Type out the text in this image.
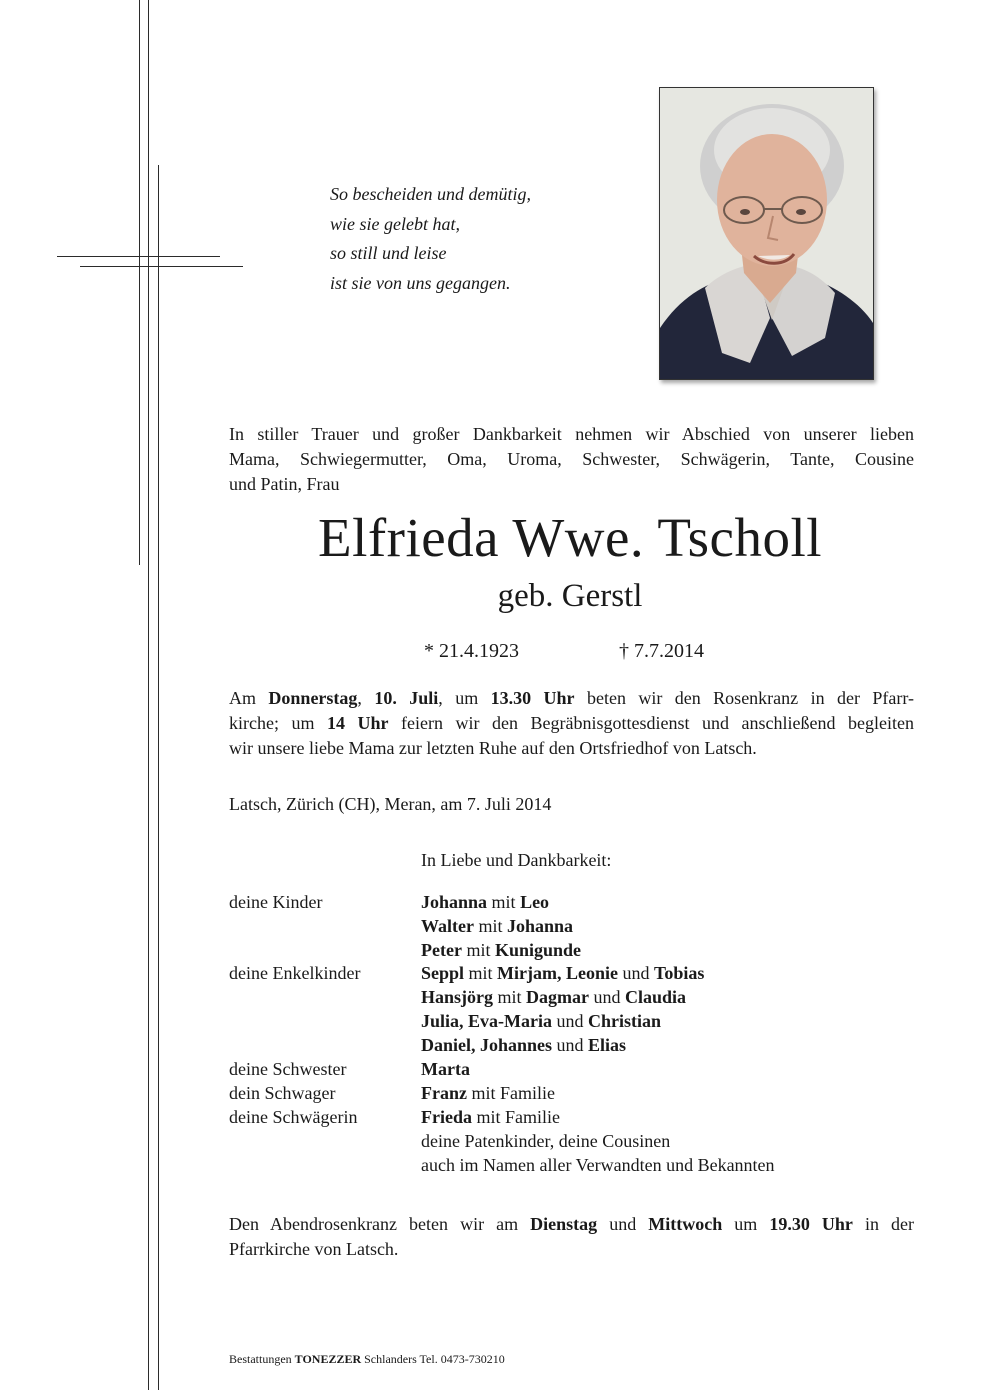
So bescheiden und demütig,
wie sie gelebt hat,
so still und leise
ist sie von uns gegangen.
In stiller Trauer und großer Dankbarkeit nehmen wir Abschied von unserer lieben
Mama, Schwiegermutter, Oma, Uroma, Schwester, Schwägerin, Tante, Cousine
und Patin, Frau
Elfrieda Wwe. Tscholl
geb. Gerstl
* 21.4.1923	† 7.7.2014
Am Donnerstag, 10. Juli, um 13.30 Uhr beten wir den Rosenkranz in der Pfarr-
kirche; um 14 Uhr feiern wir den Begräbnisgottesdienst und anschließend begleiten
wir unsere liebe Mama zur letzten Ruhe auf den Ortsfriedhof von Latsch.
Latsch, Zürich (CH), Meran, am 7. Juli 2014
In Liebe und Dankbarkeit:
deine Kinder	Johanna mit Leo
Walter mit Johanna
Peter mit Kunigunde
deine Enkelkinder	Seppl mit Mirjam, Leonie und Tobias
Hansjörg mit Dagmar und Claudia
Julia, Eva-Maria und Christian
Daniel, Johannes und Elias
deine Schwester	Marta
dein Schwager	Franz mit Familie
deine Schwägerin	Frieda mit Familie
deine Patenkinder, deine Cousinen
auch im Namen aller Verwandten und Bekannten
Den Abendrosenkranz beten wir am Dienstag und Mittwoch um 19.30 Uhr in der
Pfarrkirche von Latsch.
Bestattungen TONEZZER Schlanders Tel. 0473-730210
